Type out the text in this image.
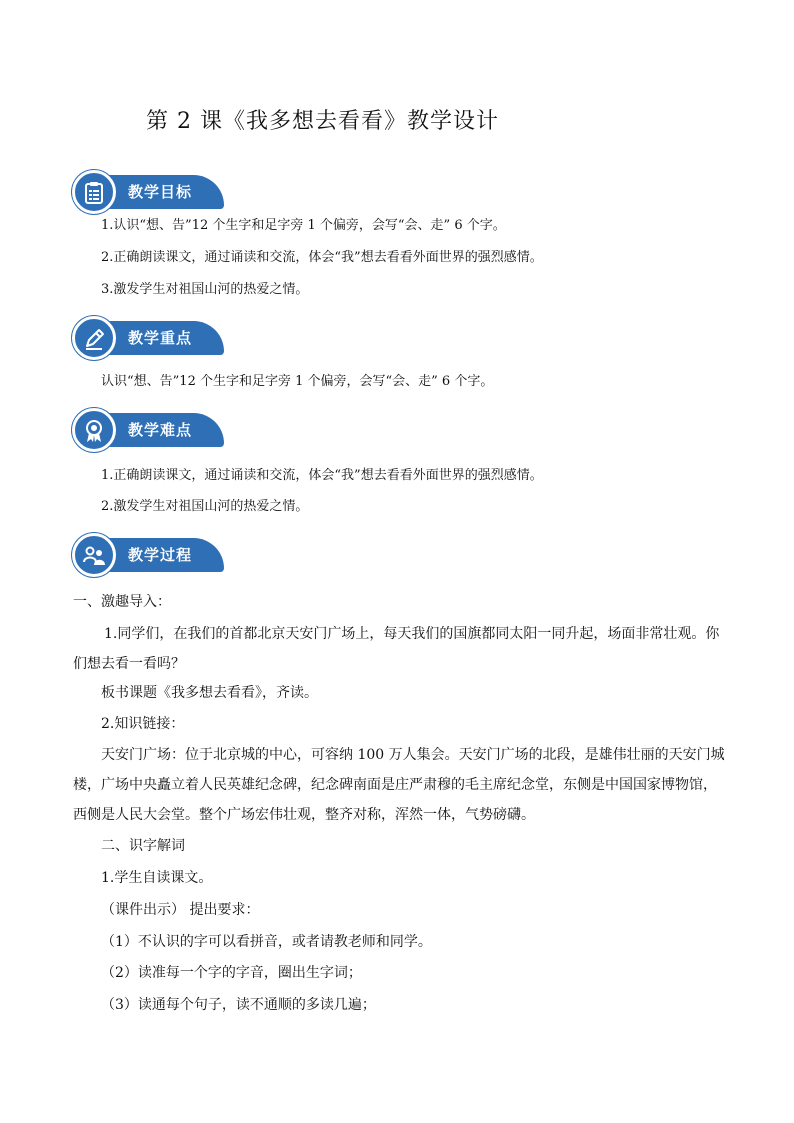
第 2 课《我多想去看看》教学设计
教学目标
1.认识“想、告”12 个生字和足字旁 1 个偏旁，会写“会、走” 6 个字。
2.正确朗读课文，通过诵读和交流，体会“我”想去看看外面世界的强烈感情。
3.激发学生对祖国山河的热爱之情。
教学重点
认识“想、告”12 个生字和足字旁 1 个偏旁，会写“会、走” 6 个字。
教学难点
1.正确朗读课文，通过诵读和交流，体会“我”想去看看外面世界的强烈感情。
2.激发学生对祖国山河的热爱之情。
教学过程
一、激趣导入：
1.同学们，在我们的首都北京天安门广场上，每天我们的国旗都同太阳一同升起，场面非常壮观。你
们想去看一看吗？
板书课题《我多想去看看》，齐读。
2.知识链接：
天安门广场：位于北京城的中心，可容纳 100 万人集会。天安门广场的北段，是雄伟壮丽的天安门城
楼，广场中央矗立着人民英雄纪念碑，纪念碑南面是庄严肃穆的毛主席纪念堂，东侧是中国国家博物馆，
西侧是人民大会堂。整个广场宏伟壮观，整齐对称，浑然一体，气势磅礴。
二、识字解词
1.学生自读课文。
（课件出示） 提出要求：
（1）不认识的字可以看拼音，或者请教老师和同学。
（2）读准每一个字的字音，圈出生字词；
（3）读通每个句子，读不通顺的多读几遍；
